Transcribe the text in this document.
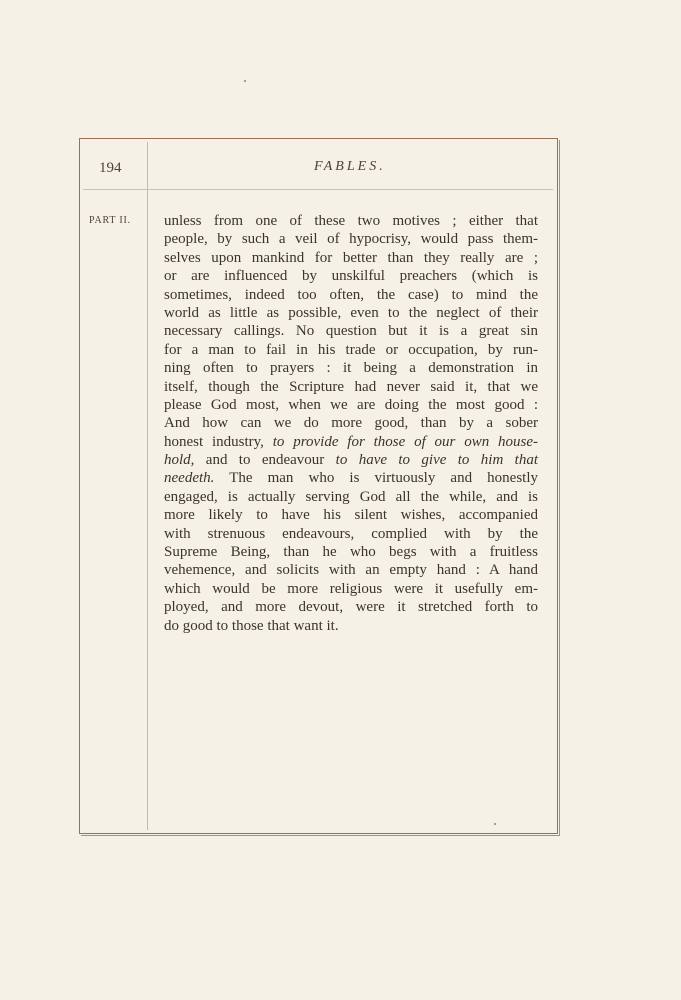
194	FABLES.
PART II. unless from one of these two motives ; either that
people, by such a veil of hypocrisy, would pass them-
selves upon mankind for better than they really are ;
or are influenced by unskilful preachers (which is
sometimes, indeed too often, the case) to mind the
world as little as possible, even to the neglect of their
necessary callings. No question but it is a great sin
for a man to fail in his trade or occupation, by run-
ning often to prayers : it being a demonstration in
itself, though the Scripture had never said it, that we
please God most, when we are doing the most good :
And how can we do more good, than by a sober
honest industry, to provide for those of our own house-
hold, and to endeavour to have to give to him that
needeth. The man who is virtuously and honestly
engaged, is actually serving God all the while, and is
more likely to have his silent wishes, accompanied
with strenuous endeavours, complied with by the
Supreme Being, than he who begs with a fruitless
vehemence, and solicits with an empty hand : A hand
which would be more religious were it usefully em-
ployed, and more devout, were it stretched forth to
do good to those that want it.
